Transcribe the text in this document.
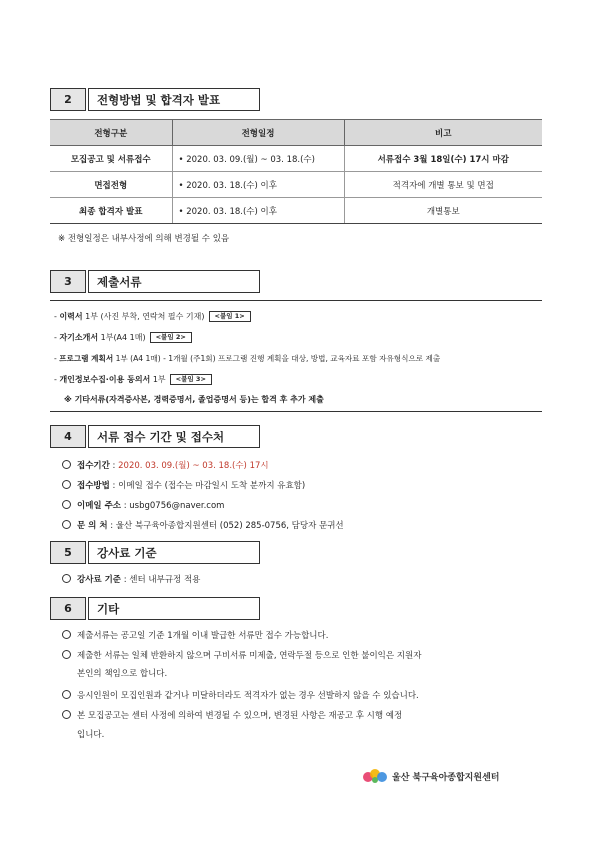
2	전형방법 및 합격자 발표
전형구분	전형일정	비고
모집공고 및 서류접수	• 2020. 03. 09.(월) ~ 03. 18.(수)	서류접수 3월 18일(수) 17시 마감
면접전형	• 2020. 03. 18.(수) 이후	적격자에 개별 통보 및 면접
최종 합격자 발표	• 2020. 03. 18.(수) 이후	개별통보
※ 전형일정은 내부사정에 의해 변경될 수 있음
3	제출서류
- 이력서 1부 (사진 부착, 연락처 필수 기재) <붙임 1>
- 자기소개서 1부(A4 1매) <붙임 2>
- 프로그램 계획서 1부 (A4 1매) - 1개월 (주1회) 프로그램 진행 계획을 대상, 방법, 교육자료 포함 자유형식으로 제출
- 개인정보수집·이용 동의서 1부 <붙임 3>
※ 기타서류(자격증사본, 경력증명서, 졸업증명서 등)는 합격 후 추가 제출
4	서류 접수 기간 및 접수처
접수기간 : 2020. 03. 09.(월) ~ 03. 18.(수) 17시
접수방법 : 이메일 접수 (접수는 마감일시 도착 분까지 유효함)
이메일 주소 : usbg0756@naver.com
문 의 처 : 울산 북구육아종합지원센터 (052) 285-0756, 담당자 문귀선
5	강사료 기준
강사료 기준 : 센터 내부규정 적용
6	기타
제출서류는 공고일 기준 1개월 이내 발급한 서류만 접수 가능합니다.
제출한 서류는 일체 반환하지 않으며 구비서류 미제출, 연락두절 등으로 인한 불이익은 지원자
본인의 책임으로 합니다.
응시인원이 모집인원과 같거나 미달하더라도 적격자가 없는 경우 선발하지 않을 수 있습니다.
본 모집공고는 센터 사정에 의하여 변경될 수 있으며, 변경된 사항은 재공고 후 시행 예정
입니다.
울산 북구육아종합지원센터
